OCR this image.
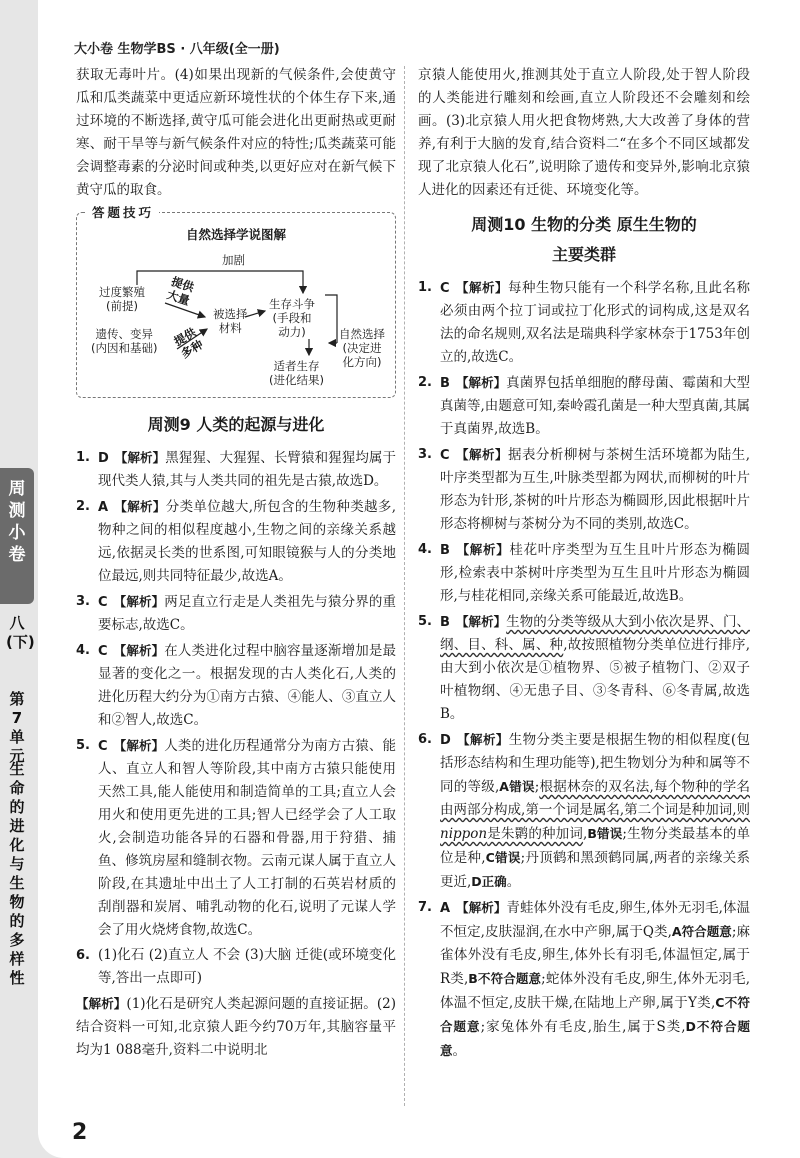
大小卷 生物学BS · 八年级(全一册)
周测小卷
八(下)
第7单元
生命的进化与生物的多样性

获取无毒叶片。(4)如果出现新的气候条件,会使黄守瓜和瓜类蔬菜中更适应新环境性状的个体生存下来,通过环境的不断选择,黄守瓜可能会进化出更耐热或更耐寒、耐干旱等与新气候条件对应的特性;瓜类蔬菜可能会调整毒素的分泌时间或种类,以更好应对在新气候下黄守瓜的取食。

答题技巧
自然选择学说图解
加剧
过度繁殖
(前提)
提供
大量
被选择
材料
生存斗争
(手段和
动力)
遗传、变异
(内因和基础) 提供
多种
适者生存
(进化结果)
自然选择
(决定进
化方向)
周测9 人类的起源与进化
1. D 【解析】黑猩猩、大猩猩、长臂猿和猩猩均属于现代类人猿,其与人类共同的祖先是古猿,故选D。
2. A 【解析】分类单位越大,所包含的生物种类越多,物种之间的相似程度越小,生物之间的亲缘关系越远,依据灵长类的世系图,可知眼镜猴与人的分类地位最远,则共同特征最少,故选A。
3. C 【解析】两足直立行走是人类祖先与猿分界的重要标志,故选C。
4. C 【解析】在人类进化过程中脑容量逐渐增加是最显著的变化之一。根据发现的古人类化石,人类的进化历程大约分为①南方古猿、④能人、③直立人和②智人,故选C。
5. C 【解析】人类的进化历程通常分为南方古猿、能人、直立人和智人等阶段,其中南方古猿只能使用天然工具,能人能使用和制造简单的工具;直立人会用火和使用更先进的工具;智人已经学会了人工取火,会制造功能各异的石器和骨器,用于狩猎、捕鱼、修筑房屋和缝制衣物。云南元谋人属于直立人阶段,在其遗址中出土了人工打制的石英岩材质的刮削器和炭屑、哺乳动物的化石,说明了元谋人学会了用火烧烤食物,故选C。
6. (1)化石 (2)直立人 不会 (3)大脑 迁徙(或环境变化等,答出一点即可)
【解析】(1)化石是研究人类起源问题的直接证据。(2)结合资料一可知,北京猿人距今约70万年,其脑容量平均为1 088毫升,资料二中说明北

京猿人能使用火,推测其处于直立人阶段,处于智人阶段的人类能进行雕刻和绘画,直立人阶段还不会雕刻和绘画。(3)北京猿人用火把食物烤熟,大大改善了身体的营养,有利于大脑的发育,结合资料二“在多个不同区域都发现了北京猿人化石”,说明除了遗传和变异外,影响北京猿人进化的因素还有迁徙、环境变化等。

周测10 生物的分类 原生生物的
主要类群
1. C 【解析】每种生物只能有一个科学名称,且此名称必须由两个拉丁词或拉丁化形式的词构成,这是双名法的命名规则,双名法是瑞典科学家林奈于1753年创立的,故选C。
2. B 【解析】真菌界包括单细胞的酵母菌、霉菌和大型真菌等,由题意可知,秦岭霞孔菌是一种大型真菌,其属于真菌界,故选B。
3. C 【解析】据表分析柳树与茶树生活环境都为陆生,叶序类型都为互生,叶脉类型都为网状,而柳树的叶片形态为针形,茶树的叶片形态为椭圆形,因此根据叶片形态将柳树与茶树分为不同的类别,故选C。
4. B 【解析】桂花叶序类型为互生且叶片形态为椭圆形,检索表中茶树叶序类型为互生且叶片形态为椭圆形,与桂花相同,亲缘关系可能最近,故选B。
5. B 【解析】生物的分类等级从大到小依次是界、门、纲、目、科、属、种,故按照植物分类单位进行排序,由大到小依次是①植物界、⑤被子植物门、②双子叶植物纲、④无患子目、③冬青科、⑥冬青属,故选B。
6. D 【解析】生物分类主要是根据生物的相似程度(包括形态结构和生理功能等),把生物划分为种和属等不同的等级,A错误;根据林奈的双名法,每个物种的学名由两部分构成,第一个词是属名,第二个词是种加词,则nippon是朱鹮的种加词,B错误;生物分类最基本的单位是种,C错误;丹顶鹤和黑颈鹤同属,两者的亲缘关系更近,D正确。
7. A 【解析】青蛙体外没有毛皮,卵生,体外无羽毛,体温不恒定,皮肤湿润,在水中产卵,属于Q类,A符合题意;麻雀体外没有毛皮,卵生,体外长有羽毛,体温恒定,属于R类,B不符合题意;蛇体外没有毛皮,卵生,体外无羽毛,体温不恒定,皮肤干燥,在陆地上产卵,属于Y类,C不符合题意;家兔体外有毛皮,胎生,属于S类,D不符合题意。
2
